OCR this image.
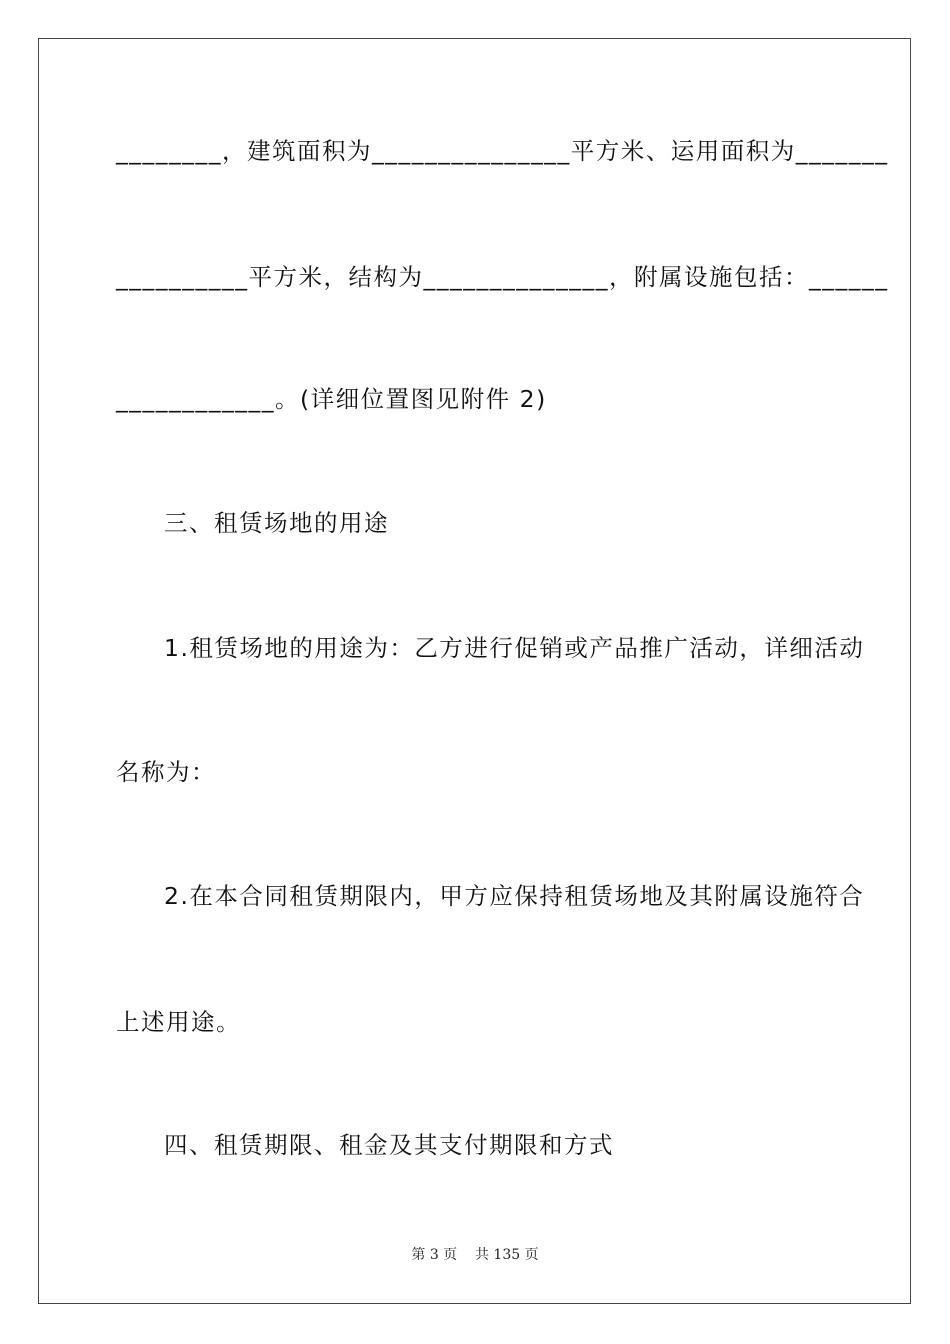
________，建筑面积为_______________平方米、运用面积为_______
__________平方米，结构为______________，附属设施包括：______
____________。(详细位置图见附件 2)
三、租赁场地的用途
1.租赁场地的用途为：乙方进行促销或产品推广活动，详细活动
名称为：
2.在本合同租赁期限内，甲方应保持租赁场地及其附属设施符合
上述用途。
四、租赁期限、租金及其支付期限和方式
第 3 页    共 135 页
